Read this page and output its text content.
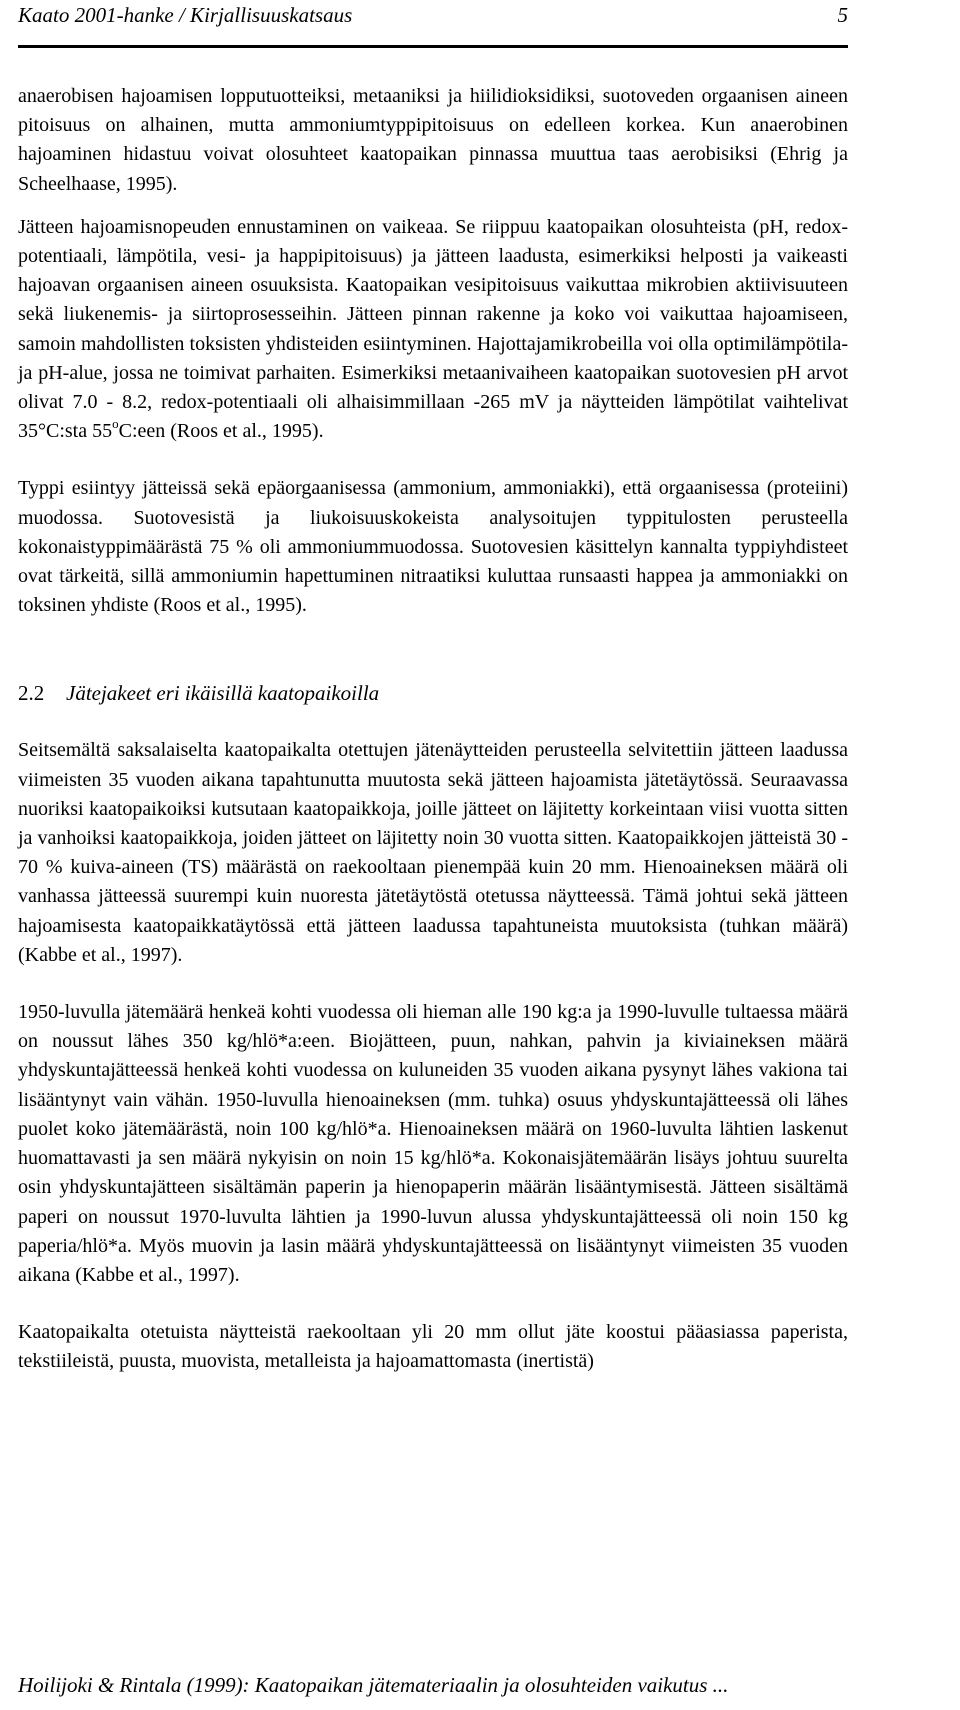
Kaato 2001-hanke / Kirjallisuuskatsaus	5

anaerobisen hajoamisen lopputuotteiksi, metaaniksi ja hiilidioksidiksi, suotoveden orgaanisen aineen pitoisuus on alhainen, mutta ammoniumtyppipitoisuus on edelleen korkea. Kun anaerobinen hajoaminen hidastuu voivat olosuhteet kaatopaikan pinnassa muuttua taas aerobisiksi (Ehrig ja Scheelhaase, 1995).

Jätteen hajoamisnopeuden ennustaminen on vaikeaa. Se riippuu kaatopaikan olosuhteista (pH, redox-potentiaali, lämpötila, vesi- ja happipitoisuus) ja jätteen laadusta, esimerkiksi helposti ja vaikeasti hajoavan orgaanisen aineen osuuksista. Kaatopaikan vesipitoisuus vaikuttaa mikrobien aktiivisuuteen sekä liukenemis- ja siirtoprosesseihin. Jätteen pinnan rakenne ja koko voi vaikuttaa hajoamiseen, samoin mahdollisten toksisten yhdisteiden esiintyminen. Hajottajamikrobeilla voi olla optimilämpötila- ja pH-alue, jossa ne toimivat parhaiten. Esimerkiksi metaanivaiheen kaatopaikan suotovesien pH arvot olivat 7.0 - 8.2, redox-potentiaali oli alhaisimmillaan -265 mV ja näytteiden lämpötilat vaihtelivat 35°C:sta 55$^o$C:een (Roos et al., 1995).

Typpi esiintyy jätteissä sekä epäorgaanisessa (ammonium, ammoniakki), että orgaanisessa (proteiini) muodossa. Suotovesistä ja liukoisuuskokeista analysoitujen typpitulosten perusteella kokonaistyppimäärästä 75 % oli ammoniummuodossa. Suotovesien käsittelyn kannalta typpiyhdisteet ovat tärkeitä, sillä ammoniumin hapettuminen nitraatiksi kuluttaa runsaasti happea ja ammoniakki on toksinen yhdiste (Roos et al., 1995).

2.2 Jätejakeet eri ikäisillä kaatopaikoilla

Seitsemältä saksalaiselta kaatopaikalta otettujen jätenäytteiden perusteella selvitettiin jätteen laadussa viimeisten 35 vuoden aikana tapahtunutta muutosta sekä jätteen hajoamista jätetäytössä. Seuraavassa nuoriksi kaatopaikoiksi kutsutaan kaatopaikkoja, joille jätteet on läjitetty korkeintaan viisi vuotta sitten ja vanhoiksi kaatopaikkoja, joiden jätteet on läjitetty noin 30 vuotta sitten. Kaatopaikkojen jätteistä 30 - 70 % kuiva-aineen (TS) määrästä on raekooltaan pienempää kuin 20 mm. Hienoaineksen määrä oli vanhassa jätteessä suurempi kuin nuoresta jätetäytöstä otetussa näytteessä. Tämä johtui sekä jätteen hajoamisesta kaatopaikkatäytössä että jätteen laadussa tapahtuneista muutoksista (tuhkan määrä) (Kabbe et al., 1997).

1950-luvulla jätemäärä henkeä kohti vuodessa oli hieman alle 190 kg:a ja 1990-luvulle tultaessa määrä on noussut lähes 350 kg/hlö*a:een. Biojätteen, puun, nahkan, pahvin ja kiviaineksen määrä yhdyskuntajätteessä henkeä kohti vuodessa on kuluneiden 35 vuoden aikana pysynyt lähes vakiona tai lisääntynyt vain vähän. 1950-luvulla hienoaineksen (mm. tuhka) osuus yhdyskuntajätteessä oli lähes puolet koko jätemäärästä, noin 100 kg/hlö*a. Hienoaineksen määrä on 1960-luvulta lähtien laskenut huomattavasti ja sen määrä nykyisin on noin 15 kg/hlö*a. Kokonaisjätemäärän lisäys johtuu suurelta osin yhdyskuntajätteen sisältämän paperin ja hienopaperin määrän lisääntymisestä. Jätteen sisältämä paperi on noussut 1970-luvulta lähtien ja 1990-luvun alussa yhdyskuntajätteessä oli noin 150 kg paperia/hlö*a. Myös muovin ja lasin määrä yhdyskuntajätteessä on lisääntynyt viimeisten 35 vuoden aikana (Kabbe et al., 1997).

Kaatopaikalta otetuista näytteistä raekooltaan yli 20 mm ollut jäte koostui pääasiassa paperista, tekstiileistä, puusta, muovista, metalleista ja hajoamattomasta (inertistä)

Hoilijoki & Rintala (1999): Kaatopaikan jätemateriaalin ja olosuhteiden vaikutus ...
